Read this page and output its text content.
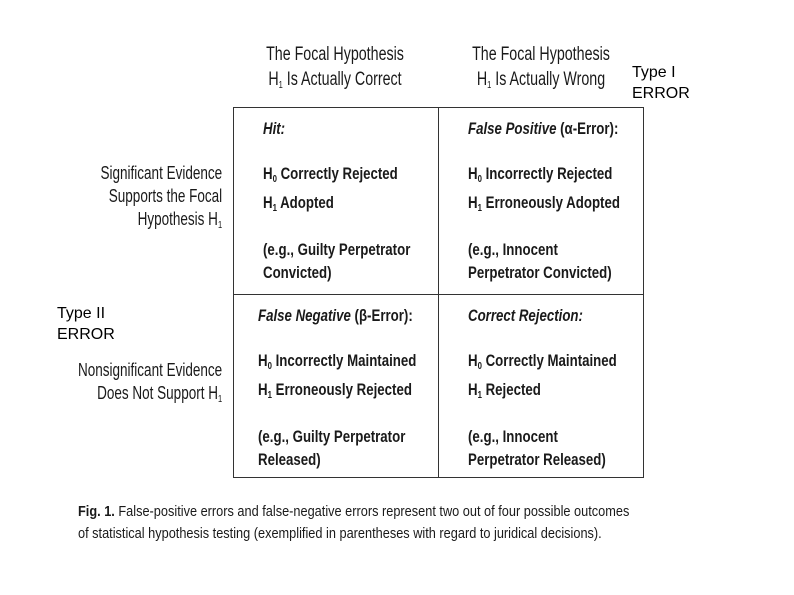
The Focal Hypothesis
$H_1$ Is Actually Correct
The Focal Hypothesis
$H_1$ Is Actually Wrong
Significant Evidence
Supports the Focal
Hypothesis $H_1$
Nonsignificant Evidence
Does Not Support $H_1$
Hit:
$H_0$ Correctly Rejected
$H_1$ Adopted
(e.g., Guilty Perpetrator
Convicted)
False Positive (α-Error):
$H_0$ Incorrectly Rejected
$H_1$ Erroneously Adopted
(e.g., Innocent
Perpetrator Convicted)
False Negative (β-Error):
$H_0$ Incorrectly Maintained
$H_1$ Erroneously Rejected
(e.g., Guilty Perpetrator
Released)
Correct Rejection:
$H_0$ Correctly Maintained
$H_1$ Rejected
(e.g., Innocent
Perpetrator Released)
Type I
ERROR
Type II
ERROR
Fig. 1. False-positive errors and false-negative errors represent two out of four possible outcomes
of statistical hypothesis testing (exemplified in parentheses with regard to juridical decisions).
